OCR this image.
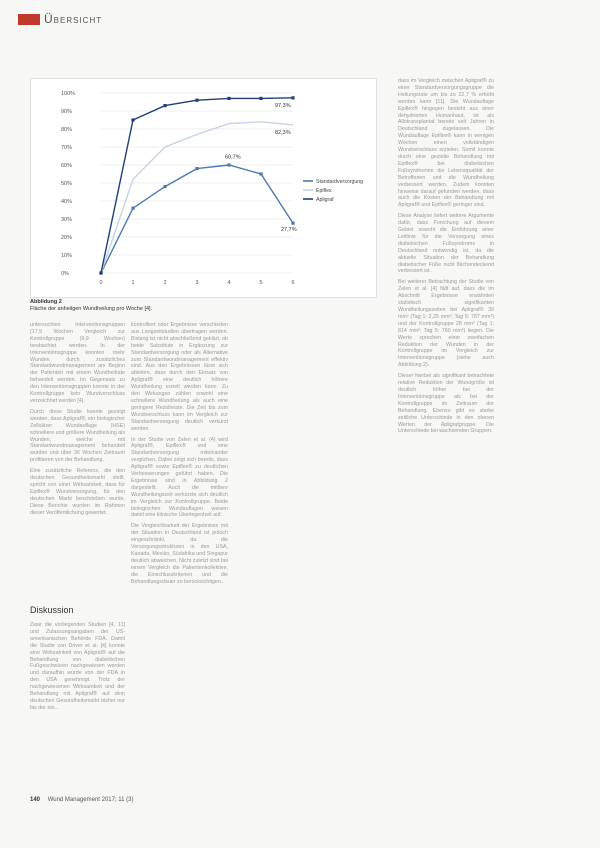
Übersicht
0%
10%
20%
30%
40%
50%
60%
70%
80%
90%
100%
0	1	2	3	4	5	6
97,3%
82,3%
60,7%
27,7%
Standardversorgung
Epiflex
Apligraf
Abbildung 2
Fläche der anheilgen Wundheilung pro Woche [4].

untersuchten Interventionsgruppen (17,9 Wochen Vergleich zur Kontrollgruppe (9,9 Wochen) beobachtet werden. In der Interventionsgruppe konnten mehr Wunden durch zusätzliches Standardwundmanagement am Beginn der Patienten mit einem Wundheilrate behandelt werden. Im Gegensatz zu den Interventionsgruppen konnte in der Kontrollgruppe kein Wundverschluss verzeichnet werden [4].

Durch diese Studie konnte gezeigt werden, dass Apligraf®, ein biologischer Zellulärer Wundauflage (HSE) schnellere und größere Wundheilung als Wunden, welche mit Standardwundmanagement behandelt wurden und über 36 Wochen Zeitraum profitieren von der Behandlung.

Eine zusätzliche Referenz, die den deutschen Gesundheitsmarkt stellt, spricht von einer Wirksamkeit, dass für Epiflex® Wundversorgung, für den deutschen Markt beschrieben wurde. Diese Berichte wurden im Rahmen dieser Veröffentlichung gewertet.

Diskussion

Zwar die vorliegenden Studien [4, 11] und Zulassungsangaben der US-amerikanischen Behörde FDA. Damit die Studie von Driver et al. [4] konnte eine Wirksamkeit von Apligraf® auf die Behandlung von diabetischen Fußgeschwüren nachgewiesen werden und daraufhin wurde von der FDA in den USA genehmigt. Trotz der nachgewiesenen Wirksamkeit und der Behandlung mit Apligraf® auf dem deutschen Gesundheitsmarkt bisher nur bis der ein...

kontrolliert oder Ergebnisse verschieden aus Langzeitstudien übertragen werden. Bislang ist nicht abschließend geklärt, ob beide Substitute in Ergänzung zur Standardversorgung oder als Alternative zum Standardwundmanagement effektiv sind. Aus den Ergebnissen lässt sich ableiten, dass durch den Einsatz von Apligraf® eine deutlich höhere Wundheilung erzielt werden kann. Zu den Wirkungen zählen sowohl eine schnellere Wundheilung als auch eine geringere Rezidivrate. Die Zeit bis zum Wundverschluss kann im Vergleich zur Standardversorgung deutlich verkürzt werden.

In der Studie von Zelen et al. (4) wird Apligraf®, Epiflex® und eine Standardversorgung miteinander verglichen. Dabei zeigt sich bereits, dass Apligraf® sowie Epiflex® zu deutlichen Verbesserungen geführt haben. Die Ergebnisse sind in Abbildung 2 dargestellt. Auch die mittlere Wundheilungszeit verkürzte sich deutlich im Vergleich zur Kontrollgruppe. Beide biologischen Wundauflagen weisen damit eine klinische Überlegenheit auf.

Die Vergleichbarkeit der Ergebnisse mit der Situation in Deutschland ist jedoch eingeschränkt, da die Versorgungsstrukturen in den USA, Kanada, Mexiko, Südafrika und Singapur deutlich abweichen. Nicht zuletzt sind bei einem Vergleich die Patientenkollektive, die Einschlusskriterien und die Behandlungsdauer zu berücksichtigen.

dass im Vergleich zwischen Apligraf® zu einer Standardversorgungsgruppe die Heilungsrate um bis zu 22,7 % erhöht werden kann [11]. Die Wundauflage Epiflex® hingegen besteht aus einer dehydrierten Humanhaut, ist als Allotransplantat bereits seit Jahren in Deutschland zugelassen. Die Wundauflage Epiflex® kann in wenigen Wochen einen vollständigen Wundverschluss erzielen. Somit konnte durch eine gezielte Behandlung mit Epiflex® bei diabetischen Fußsyndromen die Lebensqualität der Betroffenen und die Wundheilung verbessert werden. Zudem konnten hinweise darauf gefunden werden, dass auch die Kosten der Behandlung mit Apligraf® und Epiflex® geringer sind.

Diese Analyse liefert weitere Argumente dafür, dass Forschung auf diesem Gebiet sowohl die Einführung einer Leitlinie für die Versorgung eines diabetischen Fußsyndroms in Deutschland notwendig ist, da die aktuelle Situation der Behandlung diabetischer Füße nicht flächendeckend verbessert ist.

Bei weiterer Betrachtung der Studie von Zelen et al. [4] fällt auf, dass die im Abschnitt Ergebnisse erwähnten statistisch signifikanten Wundheilungszeiten bei Apligraf® 39 mm² (Tag 1: 2,25 mm²; Tag 5: 787 mm²) und der Kontrollgruppe 28 mm² (Tag 1: 814 mm²; Tag 5: 760 mm²) liegen. Die Werte sprechen einer zweifachen Reduktion der Wunden in der Kontrollgruppe im Vergleich zur Interventionsgruppe (siehe auch Abbildung 2).

Dieser hierbei als signifikant betrachtete relative Reduktion der Wundgröße ist deutlich höher bei der Interventionsgruppe als bei der Kontrollgruppe im Zeitraum der Behandlung. Ebenso gibt es starke zeitliche Unterschiede in den oberen Werten der Apligrafgruppe. Die Unterschiede bei wachsenden Gruppen.

140 Wund Management 2017; 11 (3)
